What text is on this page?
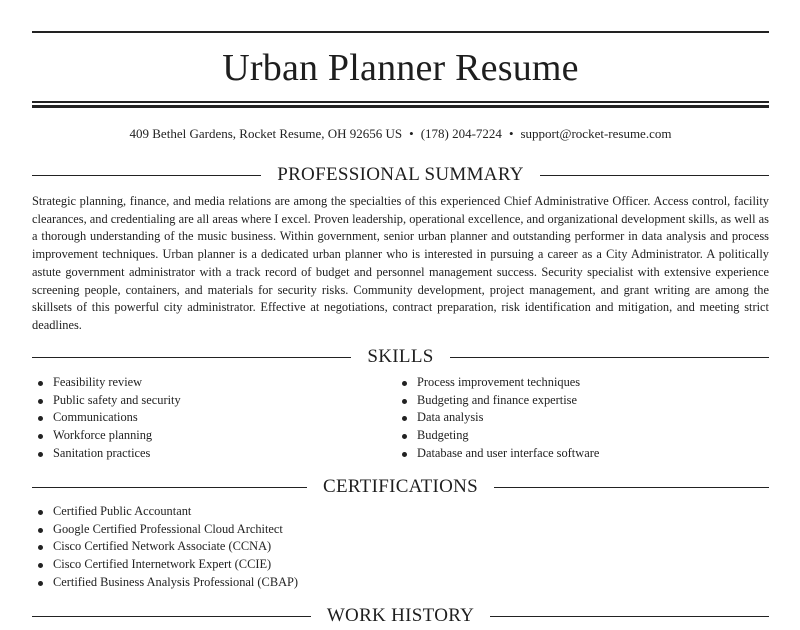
Urban Planner Resume
409 Bethel Gardens, Rocket Resume, OH 92656 US • (178) 204-7224 • support@rocket-resume.com
PROFESSIONAL SUMMARY

Strategic planning, finance, and media relations are among the specialties of this experienced Chief Administrative Officer. Access control, facility clearances, and credentialing are all areas where I excel. Proven leadership, operational excellence, and organizational development skills, as well as a thorough understanding of the music business. Within government, senior urban planner and outstanding performer in data analysis and process improvement techniques. Urban planner is a dedicated urban planner who is interested in pursuing a career as a City Administrator. A politically astute government administrator with a track record of budget and personnel management success. Security specialist with extensive experience screening people, containers, and materials for security risks. Community development, project management, and grant writing are among the skillsets of this powerful city administrator. Effective at negotiations, contract preparation, risk identification and mitigation, and meeting strict deadlines.

SKILLS
Feasibility review
Public safety and security
Communications
Workforce planning
Sanitation practices
Process improvement techniques
Budgeting and finance expertise
Data analysis
Budgeting
Database and user interface software
CERTIFICATIONS
Certified Public Accountant
Google Certified Professional Cloud Architect
Cisco Certified Network Associate (CCNA)
Cisco Certified Internetwork Expert (CCIE)
Certified Business Analysis Professional (CBAP)
WORK HISTORY
